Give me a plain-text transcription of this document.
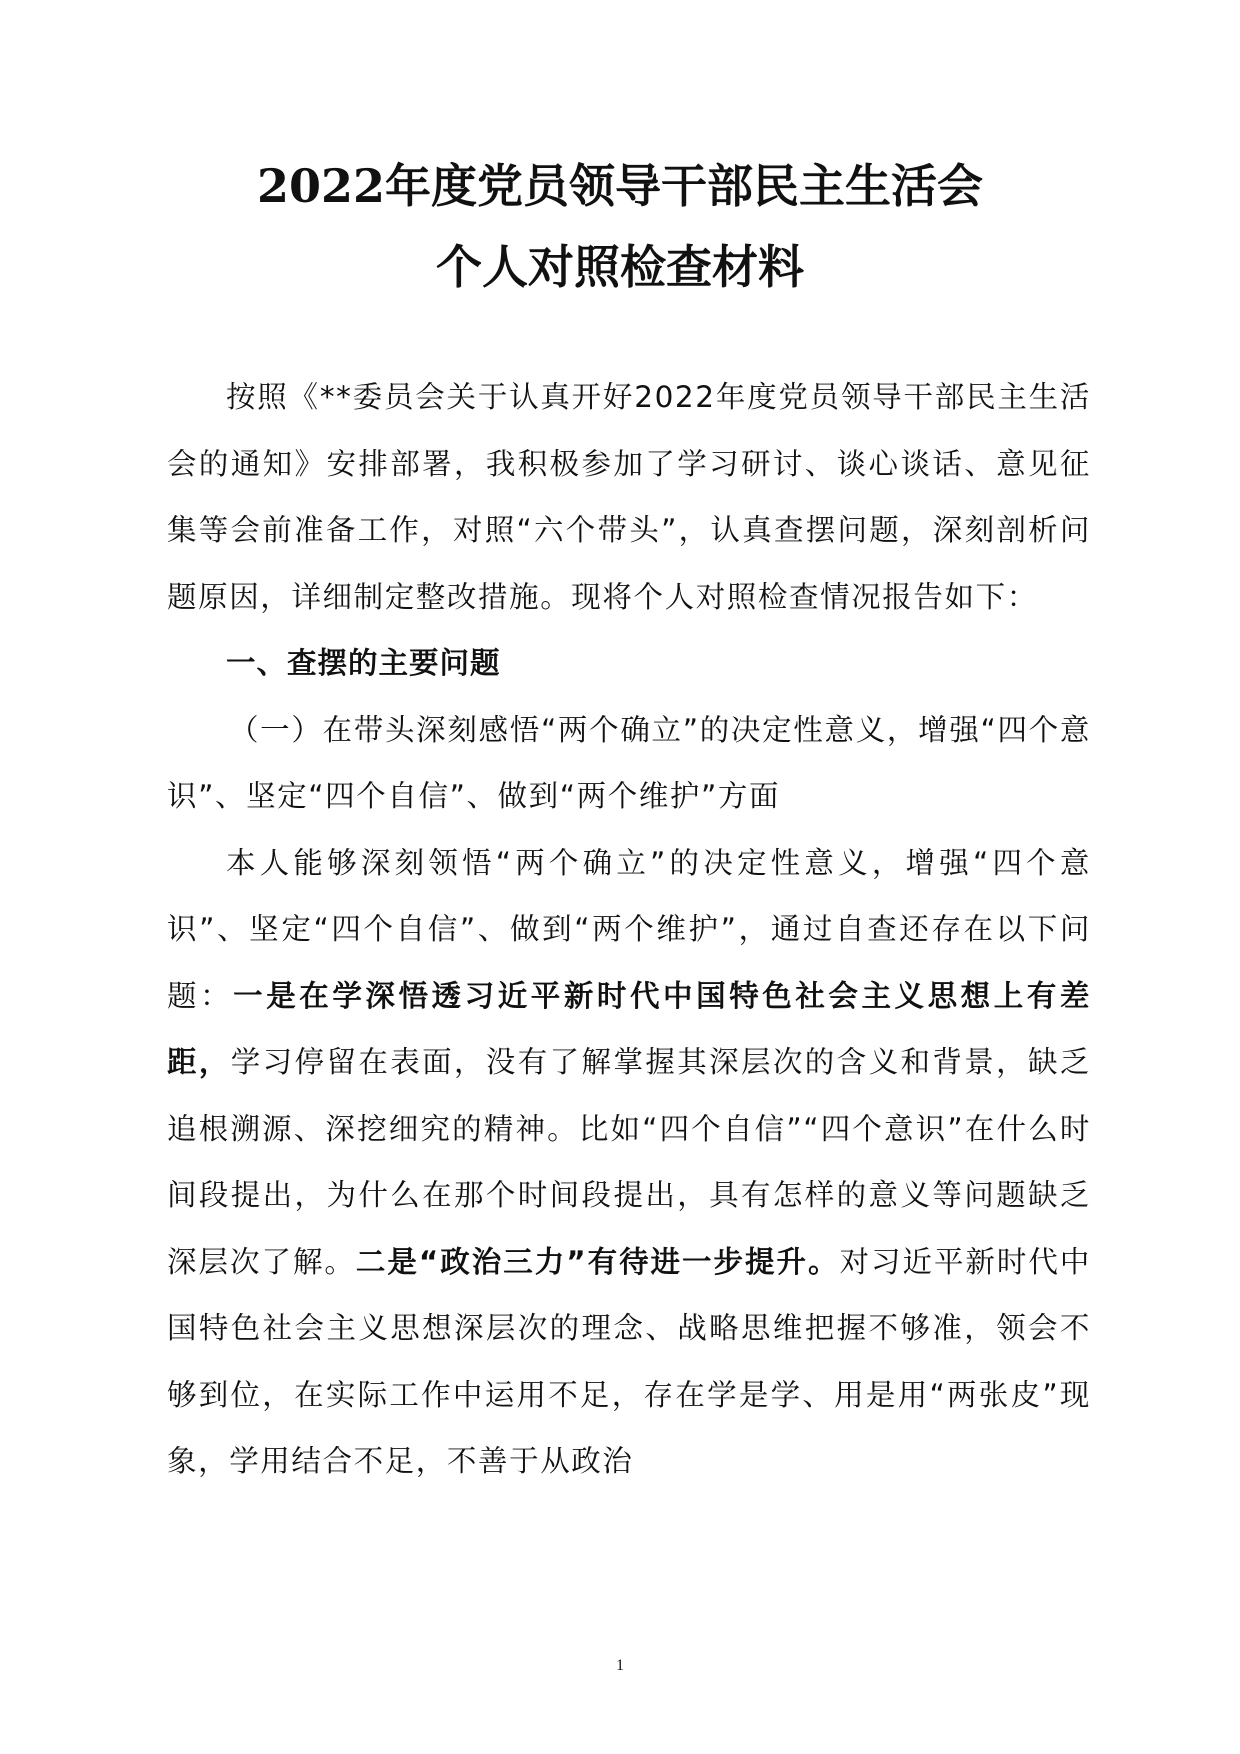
2022年度党员领导干部民主生活会
个人对照检查材料

按照《**委员会关于认真开好2022年度党员领导干部民主生活会的通知》安排部署，我积极参加了学习研讨、谈心谈话、意见征集等会前准备工作，对照“六个带头”，认真查摆问题，深刻剖析问题原因，详细制定整改措施。现将个人对照检查情况报告如下：

一、查摆的主要问题

（一）在带头深刻感悟“两个确立”的决定性意义，增强“四个意识”、坚定“四个自信”、做到“两个维护”方面

本人能够深刻领悟“两个确立”的决定性意义，增强“四个意识”、坚定“四个自信”、做到“两个维护”，通过自查还存在以下问题：一是在学深悟透习近平新时代中国特色社会主义思想上有差距，学习停留在表面，没有了解掌握其深层次的含义和背景，缺乏追根溯源、深挖细究的精神。比如“四个自信”“四个意识”在什么时间段提出，为什么在那个时间段提出，具有怎样的意义等问题缺乏深层次了解。二是“政治三力”有待进一步提升。对习近平新时代中国特色社会主义思想深层次的理念、战略思维把握不够准，领会不够到位，在实际工作中运用不足，存在学是学、用是用“两张皮”现象，学用结合不足，不善于从政治

1
